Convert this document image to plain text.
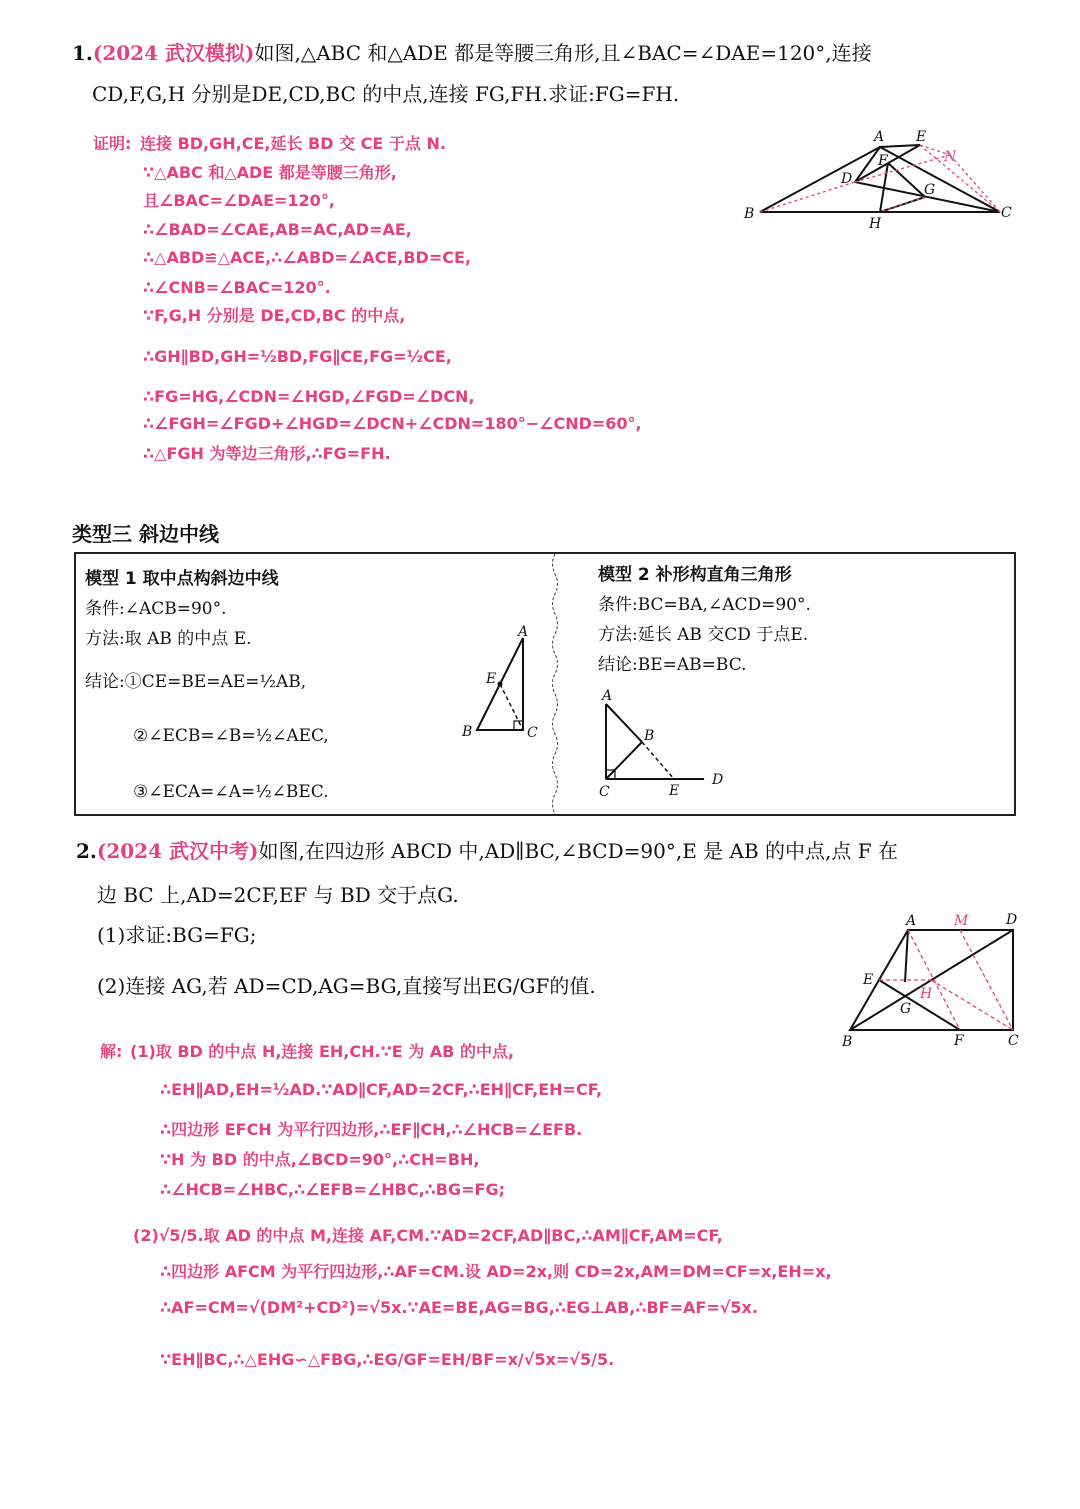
1.(2024 武汉模拟)如图,△ABC 和△ADE 都是等腰三角形,且∠BAC=∠DAE=120°,连接
CD,F,G,H 分别是DE,CD,BC 的中点,连接 FG,FH.求证:FG=FH.
证明: 连接 BD,GH,CE,延长 BD 交 CE 于点 N.
∵△ABC 和△ADE 都是等腰三角形,
且∠BAC=∠DAE=120°,
∴∠BAD=∠CAE,AB=AC,AD=AE,
∴△ABD≌△ACE,∴∠ABD=∠ACE,BD=CE,
∴∠CNB=∠BAC=120°.
∵F,G,H 分别是 DE,CD,BC 的中点,
∴GH∥BD,GH=½BD,FG∥CE,FG=½CE,
∴FG=HG,∠CDN=∠HGD,∠FGD=∠DCN,
∴∠FGH=∠FGD+∠HGD=∠DCN+∠CDN=180°−∠CND=60°,
∴△FGH 为等边三角形,∴FG=FH.
A E
N
F
D
G
B
H
C
类型三 斜边中线
模型 1 取中点构斜边中线
条件:∠ACB=90°.
方法:取 AB 的中点 E.
结论:①CE=BE=AE=½AB,
②∠ECB=∠B=½∠AEC,
③∠ECA=∠A=½∠BEC.
A
E
B	C
模型 2 补形构直角三角形
条件:BC=BA,∠ACD=90°.
方法:延长 AB 交CD 于点E.
结论:BE=AB=BC.
A
B
C	E
D
2.(2024 武汉中考)如图,在四边形 ABCD 中,AD∥BC,∠BCD=90°,E 是 AB 的中点,点 F 在
边 BC 上,AD=2CF,EF 与 BD 交于点G.
(1)求证:BG=FG;
(2)连接 AG,若 AD=CD,AG=BG,直接写出EG/GF的值.
A	M	D
E
H
G
B	F	C
解: (1)取 BD 的中点 H,连接 EH,CH.∵E 为 AB 的中点,
∴EH∥AD,EH=½AD.∵AD∥CF,AD=2CF,∴EH∥CF,EH=CF,
∴四边形 EFCH 为平行四边形,∴EF∥CH,∴∠HCB=∠EFB.
∵H 为 BD 的中点,∠BCD=90°,∴CH=BH,
∴∠HCB=∠HBC,∴∠EFB=∠HBC,∴BG=FG;
(2)√5/5.取 AD 的中点 M,连接 AF,CM.∵AD=2CF,AD∥BC,∴AM∥CF,AM=CF,
∴四边形 AFCM 为平行四边形,∴AF=CM.设 AD=2x,则 CD=2x,AM=DM=CF=x,EH=x,
∴AF=CM=√(DM²+CD²)=√5x.∵AE=BE,AG=BG,∴EG⊥AB,∴BF=AF=√5x.
∵EH∥BC,∴△EHG∽△FBG,∴EG/GF=EH/BF=x/√5x=√5/5.
